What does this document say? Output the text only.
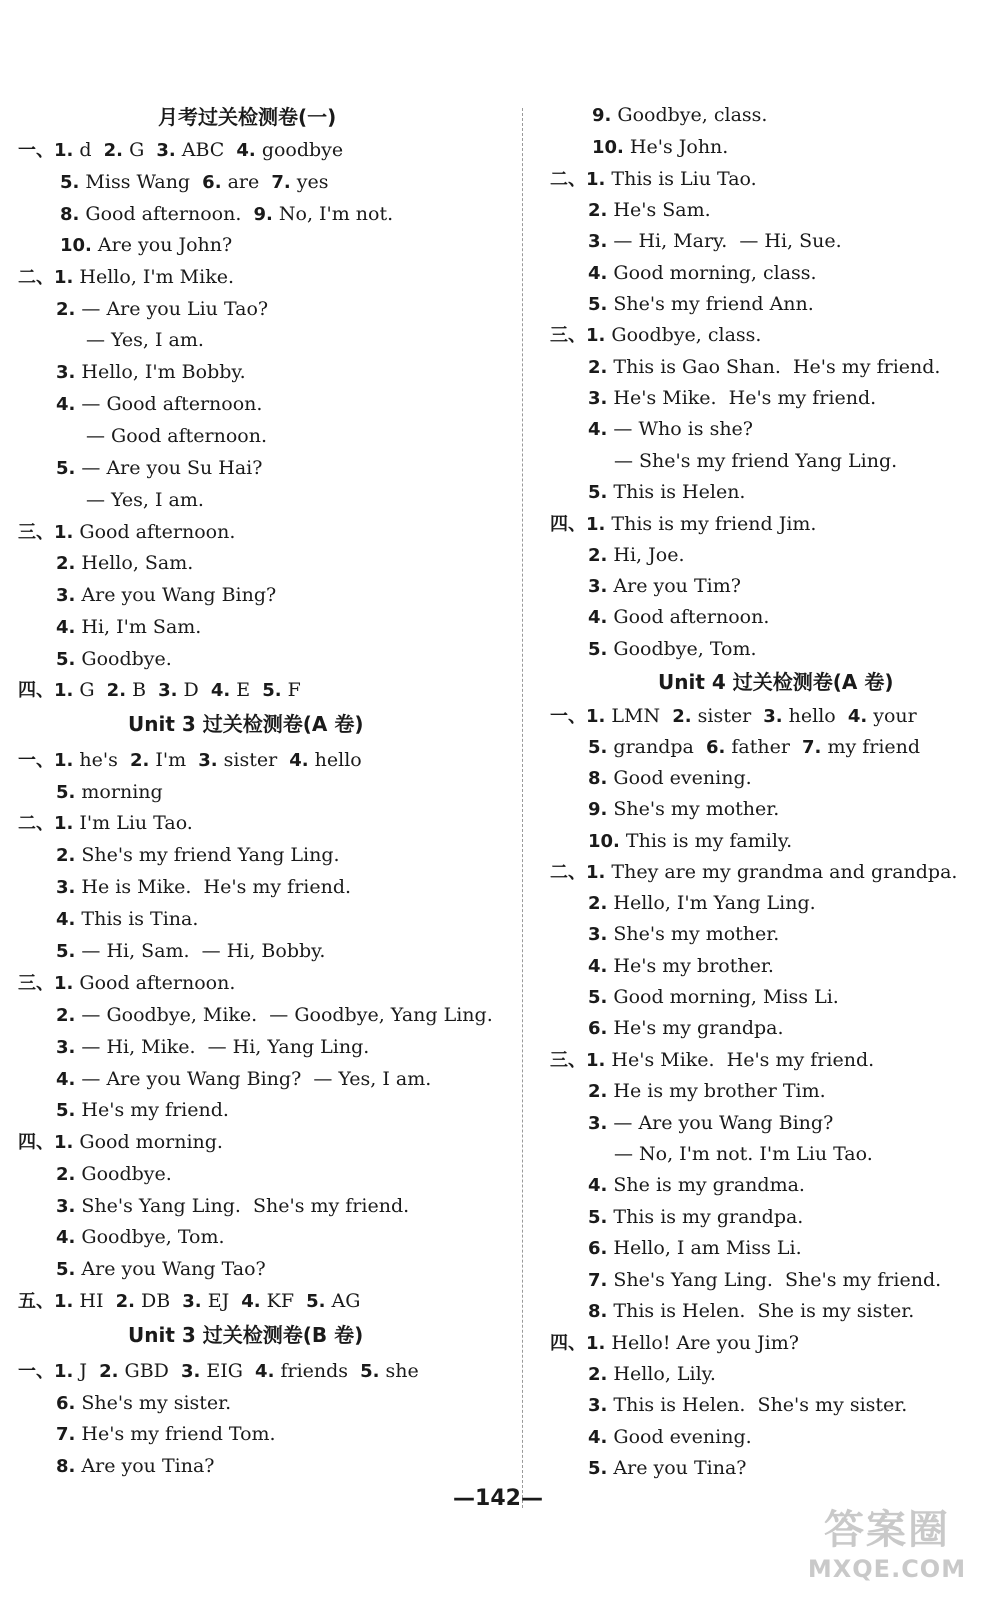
月考过关检测卷(一)
一、1. d  2. G  3. ABC  4. goodbye
5. Miss Wang  6. are  7. yes
8. Good afternoon.  9. No, I'm not.
10. Are you John?
二、1. Hello, I'm Mike.
2. — Are you Liu Tao?
— Yes, I am.
3. Hello, I'm Bobby.
4. — Good afternoon.
— Good afternoon.
5. — Are you Su Hai?
— Yes, I am.
三、1. Good afternoon.
2. Hello, Sam.
3. Are you Wang Bing?
4. Hi, I'm Sam.
5. Goodbye.
四、1. G  2. B  3. D  4. E  5. F
Unit 3 过关检测卷(A 卷)
一、1. he's  2. I'm  3. sister  4. hello
5. morning
二、1. I'm Liu Tao.
2. She's my friend Yang Ling.
3. He is Mike.  He's my friend.
4. This is Tina.
5. — Hi, Sam.  — Hi, Bobby.
三、1. Good afternoon.
2. — Goodbye, Mike.  — Goodbye, Yang Ling.
3. — Hi, Mike.  — Hi, Yang Ling.
4. — Are you Wang Bing?  — Yes, I am.
5. He's my friend.
四、1. Good morning.
2. Goodbye.
3. She's Yang Ling.  She's my friend.
4. Goodbye, Tom.
5. Are you Wang Tao?
五、1. HI  2. DB  3. EJ  4. KF  5. AG
Unit 3 过关检测卷(B 卷)
一、1. J  2. GBD  3. EIG  4. friends  5. she
6. She's my sister.
7. He's my friend Tom.
8. Are you Tina?
9. Goodbye, class.
10. He's John.
二、1. This is Liu Tao.
2. He's Sam.
3. — Hi, Mary.  — Hi, Sue.
4. Good morning, class.
5. She's my friend Ann.
三、1. Goodbye, class.
2. This is Gao Shan.  He's my friend.
3. He's Mike.  He's my friend.
4. — Who is she?
— She's my friend Yang Ling.
5. This is Helen.
四、1. This is my friend Jim.
2. Hi, Joe.
3. Are you Tim?
4. Good afternoon.
5. Goodbye, Tom.
Unit 4 过关检测卷(A 卷)
一、1. LMN  2. sister  3. hello  4. your
5. grandpa  6. father  7. my friend
8. Good evening.
9. She's my mother.
10. This is my family.
二、1. They are my grandma and grandpa.
2. Hello, I'm Yang Ling.
3. She's my mother.
4. He's my brother.
5. Good morning, Miss Li.
6. He's my grandpa.
三、1. He's Mike.  He's my friend.
2. He is my brother Tim.
3. — Are you Wang Bing?
— No, I'm not. I'm Liu Tao.
4. She is my grandma.
5. This is my grandpa.
6. Hello, I am Miss Li.
7. She's Yang Ling.  She's my friend.
8. This is Helen.  She is my sister.
四、1. Hello! Are you Jim?
2. Hello, Lily.
3. This is Helen.  She's my sister.
4. Good evening.
5. Are you Tina?
—142—
答案圈
MXQE.COM
